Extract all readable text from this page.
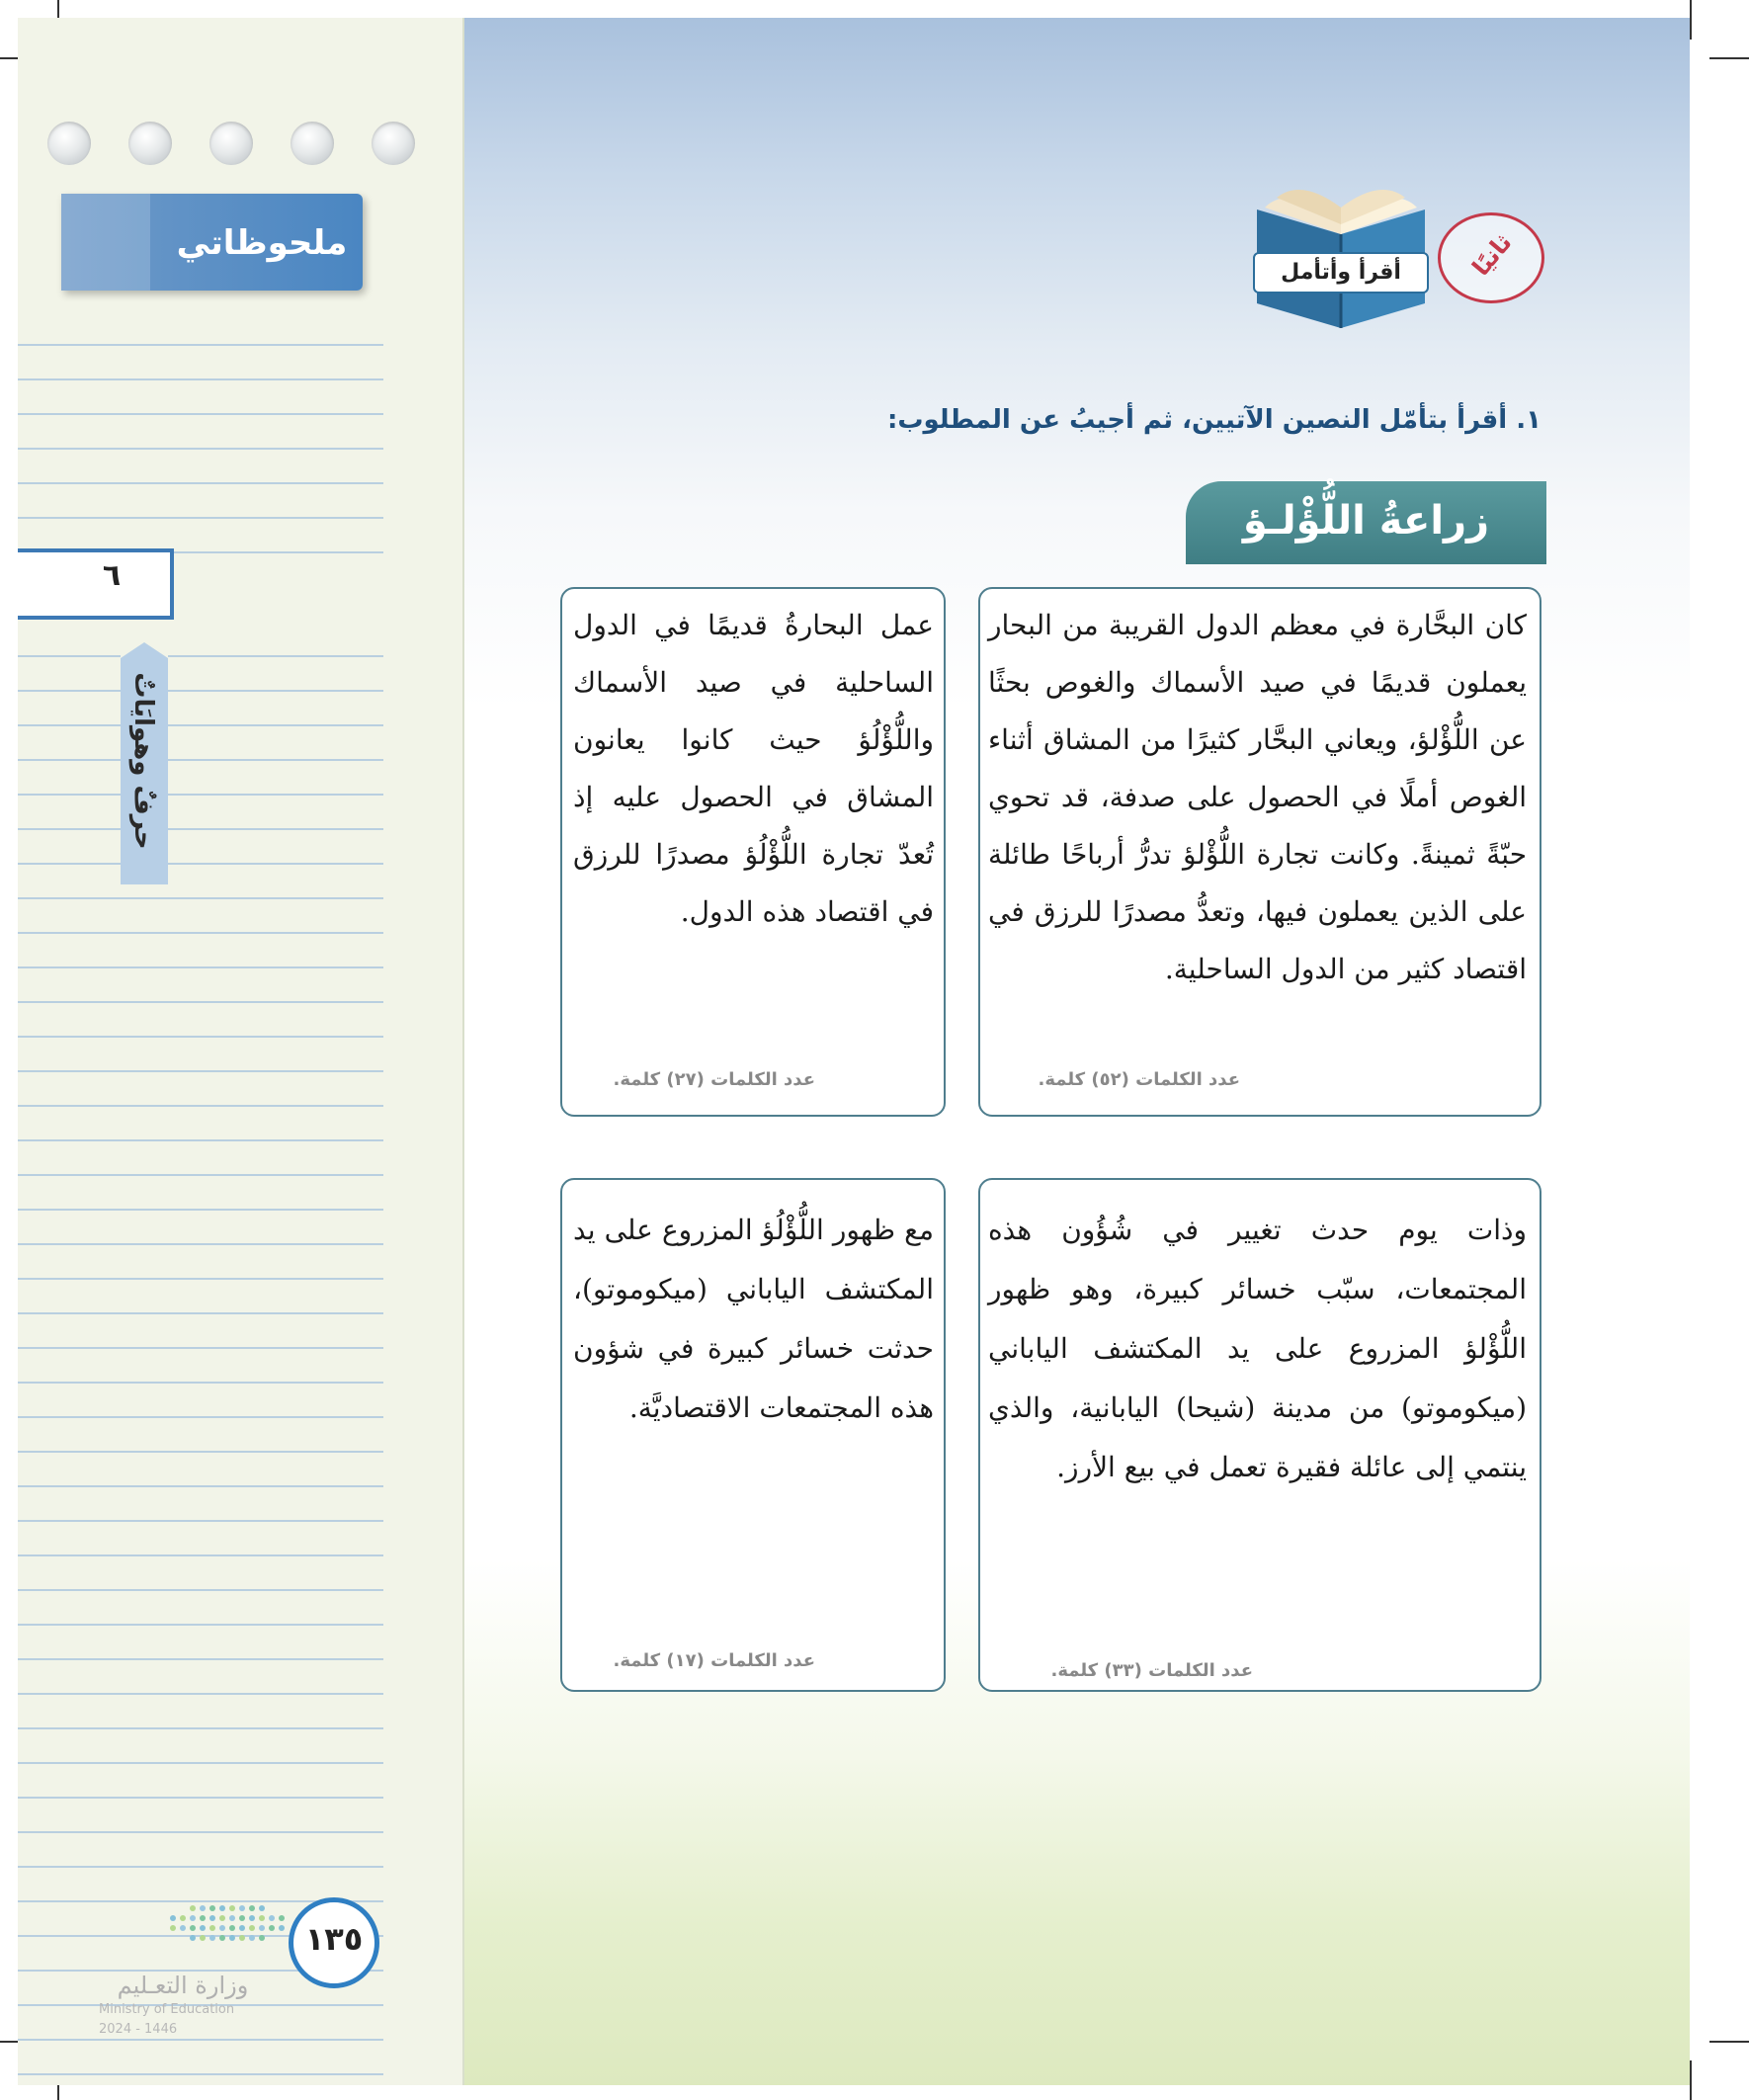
ملحوظاتي
٦
حرفٌ وهوايَاتٌ
١٣٥
وزارة التعـليم
Ministry of Education
2024 - 1446
ثانيًا
أقرأ وأتأمل
١. أقرأ بتأمّل النصين الآتيين، ثم أجيبُ عن المطلوب:
زراعةُ اللُّؤْلـؤ
كان البحَّارة في معظم الدول القريبة من البحار يعملون قديمًا في صيد الأسماك والغوص بحثًا عن اللُّؤْلؤ، ويعاني البحَّار كثيرًا من المشاق أثناء الغوص أملًا في الحصول على صدفة، قد تحوي حبّةً ثمينةً. وكانت تجارة اللُّؤْلؤ تدرُّ أرباحًا طائلة على الذين يعملون فيها، وتعدُّ مصدرًا للرزق في اقتصاد كثير من الدول الساحلية.
عدد الكلمات (٥٢) كلمة.
عمل البحارةُ قديمًا في الدول الساحلية في صيد الأسماك واللُّؤْلُؤ حيث كانوا يعانون المشاق في الحصول عليه إذ تُعدّ تجارة اللُّؤْلُؤ مصدرًا للرزق في اقتصاد هذه الدول.
عدد الكلمات (٢٧) كلمة.
وذات يوم حدث تغيير في شُؤُون هذه المجتمعات، سبّب خسائر كبيرة، وهو ظهور اللُّؤْلؤ المزروع على يد المكتشف الياباني (ميكوموتو) من مدينة (شيحا) اليابانية، والذي ينتمي إلى عائلة فقيرة تعمل في بيع الأرز.
عدد الكلمات (٣٣) كلمة.
مع ظهور اللُّؤْلُؤ المزروع على يد المكتشف الياباني (ميكوموتو)، حدثت خسائر كبيرة في شؤون هذه المجتمعات الاقتصاديَّة.
عدد الكلمات (١٧) كلمة.
